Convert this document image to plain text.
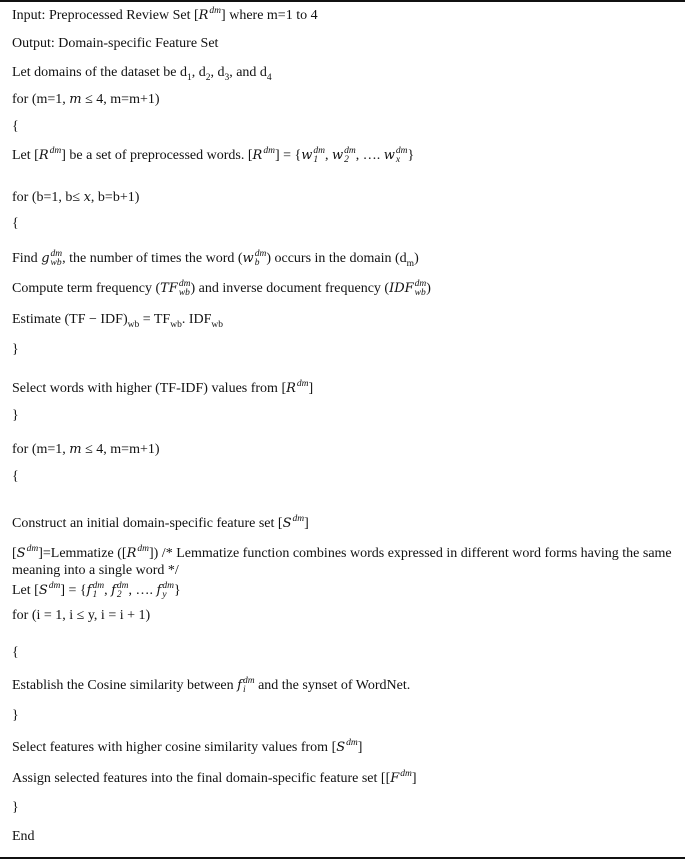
Input: Preprocessed Review Set [R dm
] where m=1 to 4
Output: Domain-specific Feature Set
Let domains of the dataset be $d_1$, $d_2$, $d_3$, and $d_4$
for (m=1, m ≤ 4, m=m+1)
{
Let [R dm
] be a set of preprocessed words. [R dm
] = {w dm
1 , w dm
2 , …. w dm
x }
for (b=1, b≤ x, b=b+1)
{
Find g dm
wb , the number of times the word (w dm
b ) occurs in the domain $(d_m)$
Compute term frequency (TF dm
wb ) and inverse document frequency (IDF dm
wb )
Estimate $(TF - IDF)_{wb} = TF_{wb}$. $IDF_{wb}$
}
Select words with higher (TF-IDF) values from [R dm
]
}
for (m=1, m ≤ 4, m=m+1)
{
Construct an initial domain-specific feature set [S dm
]
[S dm
]=Lemmatize ([R dm
]) /* Lemmatize function combines words expressed in different word forms having the same meaning into a single word */
Let [S dm
] = {f dm
1 , f dm
2 , …. f dm
y }
for (i = 1, i ≤ y, i = i + 1)
{
Establish the Cosine similarity between f dm
i and the synset of WordNet.
}
Select features with higher cosine similarity values from [S dm
]
Assign selected features into the final domain-specific feature set [[F dm
]
}
End
